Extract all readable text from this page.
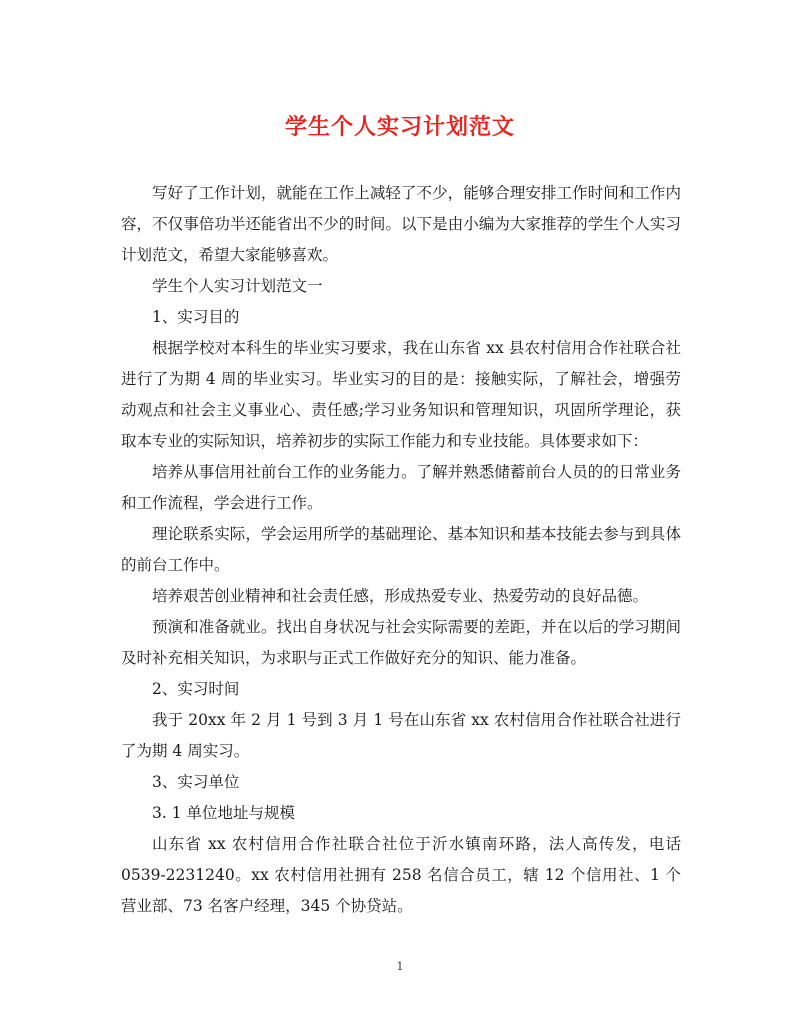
学生个人实习计划范文

写好了工作计划，就能在工作上减轻了不少，能够合理安排工作时间和工作内容，不仅事倍功半还能省出不少的时间。以下是由小编为大家推荐的学生个人实习计划范文，希望大家能够喜欢。

学生个人实习计划范文一

1、实习目的

根据学校对本科生的毕业实习要求，我在山东省 xx 县农村信用合作社联合社进行了为期 4 周的毕业实习。毕业实习的目的是：接触实际，了解社会，增强劳动观点和社会主义事业心、责任感;学习业务知识和管理知识，巩固所学理论，获取本专业的实际知识，培养初步的实际工作能力和专业技能。具体要求如下：

培养从事信用社前台工作的业务能力。了解并熟悉储蓄前台人员的的日常业务和工作流程，学会进行工作。

理论联系实际，学会运用所学的基础理论、基本知识和基本技能去参与到具体的前台工作中。

培养艰苦创业精神和社会责任感，形成热爱专业、热爱劳动的良好品德。

预演和准备就业。找出自身状况与社会实际需要的差距，并在以后的学习期间及时补充相关知识，为求职与正式工作做好充分的知识、能力准备。

2、实习时间

我于 20xx 年 2 月 1 号到 3 月 1 号在山东省 xx 农村信用合作社联合社进行了为期 4 周实习。

3、实习单位

3. 1 单位地址与规模

山东省 xx 农村信用合作社联合社位于沂水镇南环路，法人高传发，电话 0539-2231240。xx 农村信用社拥有 258 名信合员工，辖 12 个信用社、1 个营业部、73 名客户经理，345 个协贷站。

1
